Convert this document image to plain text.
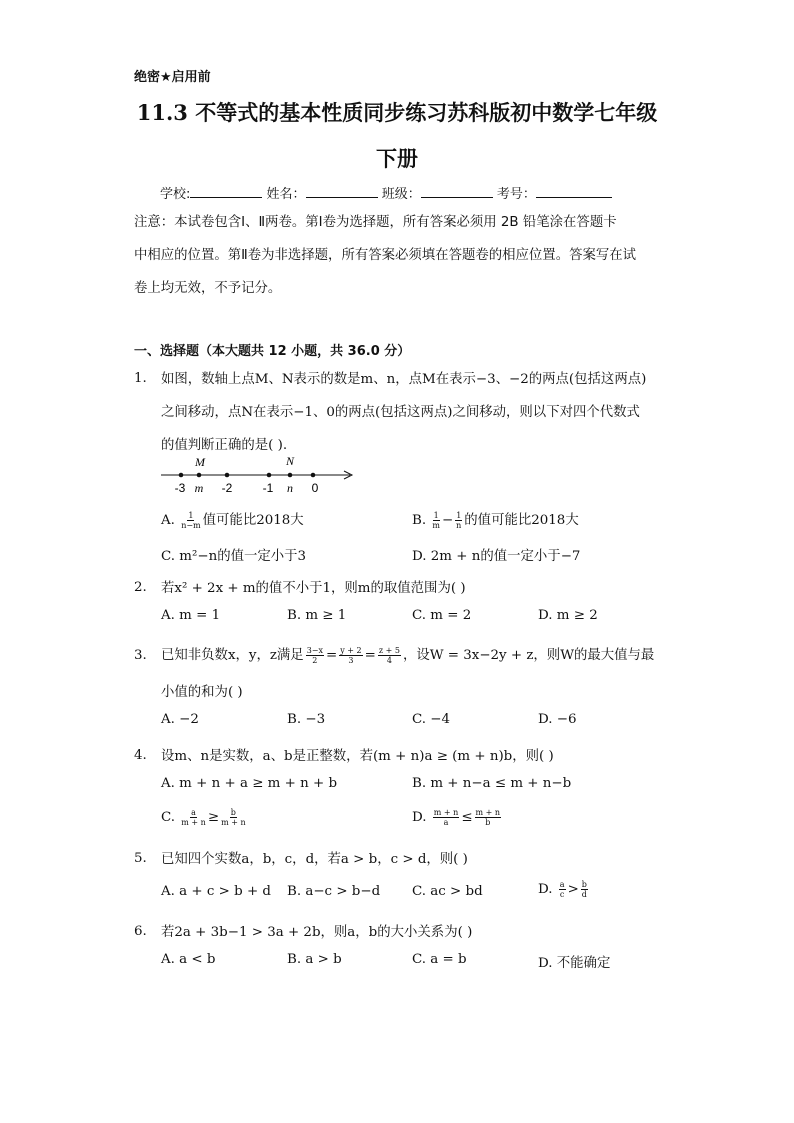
绝密★启用前
11.3 不等式的基本性质同步练习苏科版初中数学七年级
下册
学校:	姓名：	班级：	考号：
注意：本试卷包含Ⅰ、Ⅱ两卷。第Ⅰ卷为选择题，所有答案必须用 2B 铅笔涂在答题卡
中相应的位置。第Ⅱ卷为非选择题，所有答案必须填在答题卷的相应位置。答案写在试
卷上均无效，不予记分。
一、选择题（本大题共 12 小题，共 36.0 分）
1. 如图，数轴上点M、N表示的数是m、n，点M在表示−3、−2的两点(包括这两点)
之间移动，点N在表示−1、0的两点(包括这两点)之间移动，则以下对四个代数式
的值判断正确的是( ).
M	N
-3 m -2	-1 n 0
A. $\frac{1}{n-m}$ 值可能比2018大	B. $\frac{1}{m} - \frac{1}{n}$ 的值可能比2018大
C. m²−n的值一定小于3	D. 2m + n的值一定小于−7
2. 若x² + 2x + m的值不小于1，则m的取值范围为( )
A. m = 1	B. m ≥ 1	C. m = 2	D. m ≥ 2
3. 已知非负数x，y，z满足 $\frac{3-x}{2} = \frac{y + 2}{3} = \frac{z + 5}{4}$ ，设W = 3x−2y + z，则W的最大值与最
小值的和为( )
A. −2	B. −3	C. −4	D. −6
4. 设m、n是实数，a、b是正整数，若(m + n)a ≥ (m + n)b，则( )
A. m + n + a ≥ m + n + b	B. m + n−a ≤ m + n−b
C. $\frac{a}{m + n} \ge \frac{b}{m + n}$	D. $\frac{m + n}{a} \le \frac{m + n}{b}$
5. 已知四个实数a，b，c，d，若a > b，c > d，则( )
A. a + c > b + d B. a−c > b−d C. ac > bd	D. $\frac{a}{c} > \frac{b}{d}$
6. 若2a + 3b−1 > 3a + 2b，则a，b的大小关系为( )
A. a < b	B. a > b	C. a = b	D. 不能确定
